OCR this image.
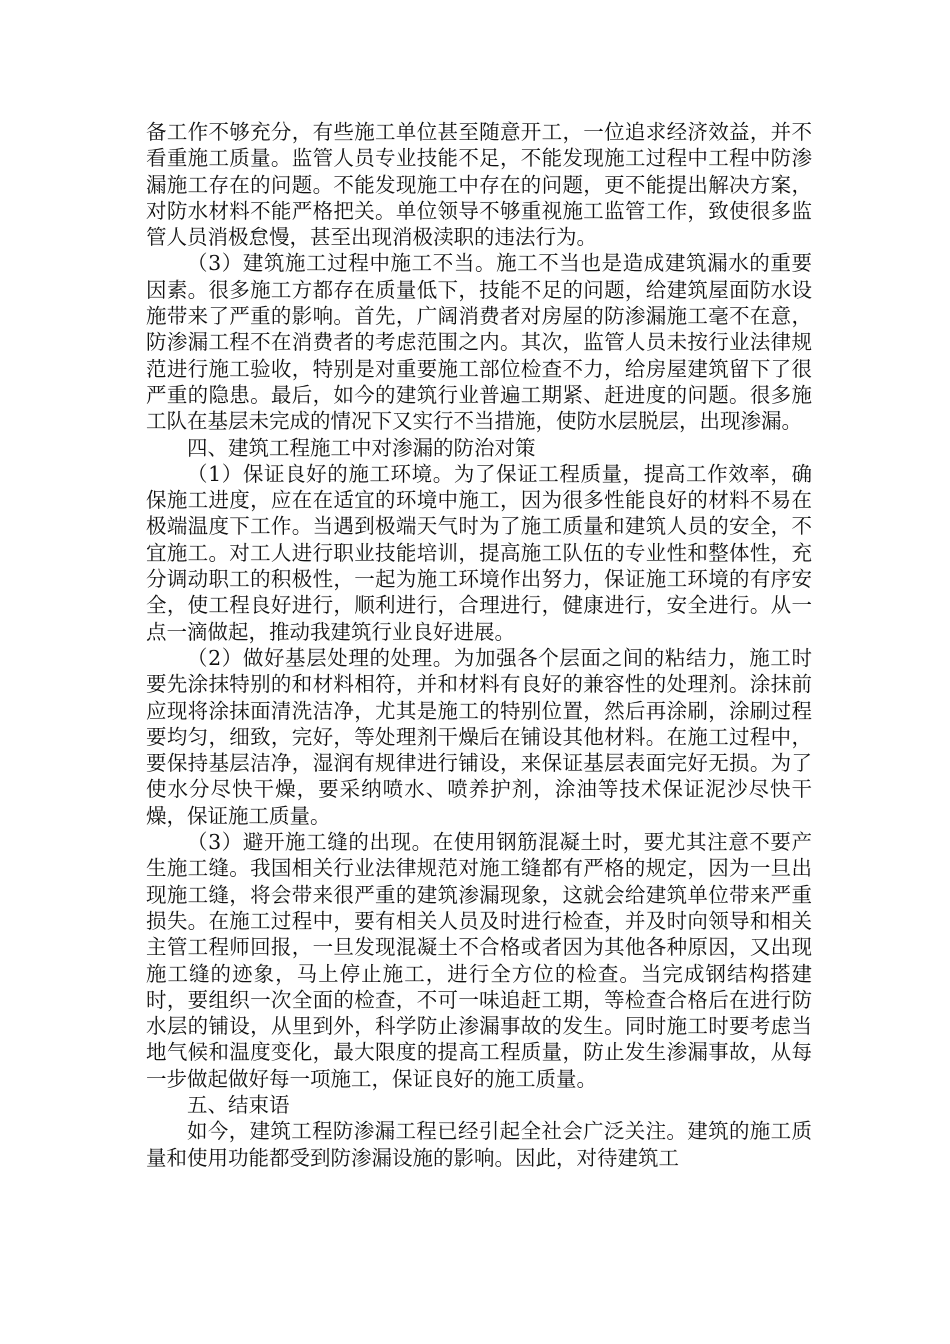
备工作不够充分，有些施工单位甚至随意开工，一位追求经济效益，并不看重施工质量。监管人员专业技能不足，不能发现施工过程中工程中防渗漏施工存在的问题。不能发现施工中存在的问题，更不能提出解决方案，对防水材料不能严格把关。单位领导不够重视施工监管工作，致使很多监管人员消极怠慢，甚至出现消极渎职的违法行为。

（3）建筑施工过程中施工不当。施工不当也是造成建筑漏水的重要因素。很多施工方都存在质量低下，技能不足的问题，给建筑屋面防水设施带来了严重的影响。首先，广阔消费者对房屋的防渗漏施工毫不在意，防渗漏工程不在消费者的考虑范围之内。其次，监管人员未按行业法律规范进行施工验收，特别是对重要施工部位检查不力，给房屋建筑留下了很严重的隐患。最后，如今的建筑行业普遍工期紧、赶进度的问题。很多施工队在基层未完成的情况下又实行不当措施，使防水层脱层，出现渗漏。

四、建筑工程施工中对渗漏的防治对策

（1）保证良好的施工环境。为了保证工程质量，提高工作效率，确保施工进度，应在在适宜的环境中施工，因为很多性能良好的材料不易在极端温度下工作。当遇到极端天气时为了施工质量和建筑人员的安全，不宜施工。对工人进行职业技能培训，提高施工队伍的专业性和整体性，充分调动职工的积极性，一起为施工环境作出努力，保证施工环境的有序安全，使工程良好进行，顺利进行，合理进行，健康进行，安全进行。从一点一滴做起，推动我建筑行业良好进展。

（2）做好基层处理的处理。为加强各个层面之间的粘结力，施工时要先涂抹特别的和材料相符，并和材料有良好的兼容性的处理剂。涂抹前应现将涂抹面清洗洁净，尤其是施工的特别位置，然后再涂刷，涂刷过程要均匀，细致，完好，等处理剂干燥后在铺设其他材料。在施工过程中，要保持基层洁净，湿润有规律进行铺设，来保证基层表面完好无损。为了使水分尽快干燥，要采纳喷水、喷养护剂，涂油等技术保证泥沙尽快干燥，保证施工质量。

（3）避开施工缝的出现。在使用钢筋混凝土时，要尤其注意不要产生施工缝。我国相关行业法律规范对施工缝都有严格的规定，因为一旦出现施工缝，将会带来很严重的建筑渗漏现象，这就会给建筑单位带来严重损失。在施工过程中，要有相关人员及时进行检查，并及时向领导和相关主管工程师回报，一旦发现混凝土不合格或者因为其他各种原因，又出现施工缝的迹象，马上停止施工，进行全方位的检查。当完成钢结构搭建时，要组织一次全面的检查，不可一味追赶工期，等检查合格后在进行防水层的铺设，从里到外，科学防止渗漏事故的发生。同时施工时要考虑当地气候和温度变化，最大限度的提高工程质量，防止发生渗漏事故，从每一步做起做好每一项施工，保证良好的施工质量。

五、结束语

如今，建筑工程防渗漏工程已经引起全社会广泛关注。建筑的施工质量和使用功能都受到防渗漏设施的影响。因此，对待建筑工
